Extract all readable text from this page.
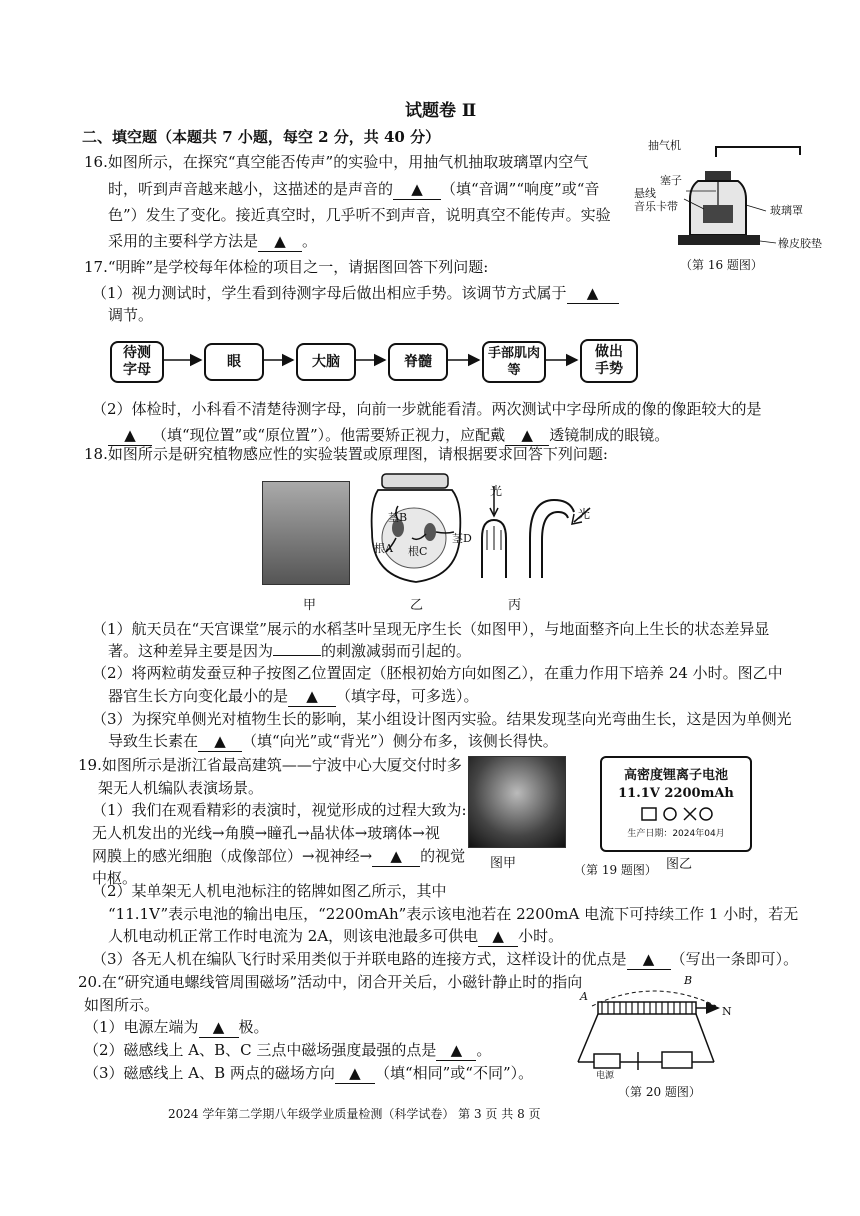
试题卷 Ⅱ
二、填空题（本题共 7 小题，每空 2 分，共 40 分）
16.如图所示，在探究“真空能否传声”的实验中，用抽气机抽取玻璃罩内空气
时，听到声音越来越小，这描述的是声音的 ▲ （填“音调”“响度”或“音
色”）发生了变化。接近真空时，几乎听不到声音，说明真空不能传声。实验
采用的主要科学方法是 ▲ 。
抽气机
悬线
塞子
玻璃罩
音乐卡带
橡皮胶垫
（第 16 题图）
17.“明眸”是学校每年体检的项目之一，请据图回答下列问题:
（1）视力测试时，学生看到待测字母后做出相应手势。该调节方式属于 ▲
调节。
待测
字母
眼	大脑	脊髓	手部肌肉
等
做出
手势
（2）体检时，小科看不清楚待测字母，向前一步就能看清。两次测试中字母所成的像的像距较大的是
▲ （填“现位置”或“原位置”）。他需要矫正视力，应配戴 ▲ 透镜制成的眼镜。
18.如图所示是研究植物感应性的实验装置或原理图，请根据要求回答下列问题:
茎B
根A 根C
茎D
光
光
甲	乙	丙
（1）航天员在“天宫课堂”展示的水稻茎叶呈现无序生长（如图甲），与地面整齐向上生长的状态差异显
著。这种差异主要是因为	的刺激减弱而引起的。
（2）将两粒萌发蚕豆种子按图乙位置固定（胚根初始方向如图乙），在重力作用下培养 24 小时。图乙中
器官生长方向变化最小的是 ▲ （填字母，可多选）。
（3）为探究单侧光对植物生长的影响，某小组设计图丙实验。结果发现茎向光弯曲生长，这是因为单侧光
导致生长素在 ▲ （填“向光”或“背光”）侧分布多，该侧长得快。
19.如图所示是浙江省最高建筑——宁波中心大厦交付时多
架无人机编队表演场景。
（1）我们在观看精彩的表演时，视觉形成的过程大致为:
无人机发出的光线→角膜→瞳孔→晶状体→玻璃体→视
网膜上的感光细胞（成像部位）→视神经→ ▲ 的视觉
中枢。
图甲
高密度锂离子电池
11.1V 2200mAh
生产日期：2024年04月
图乙
（第 19 题图）
（2）某单架无人机电池标注的铭牌如图乙所示，其中
“11.1V”表示电池的输出电压，“2200mAh”表示该电池若在 2200mA 电流下可持续工作 1 小时，若无
人机电动机正常工作时电流为 2A，则该电池最多可供电 ▲ 小时。
（3）各无人机在编队飞行时采用类似于并联电路的连接方式，这样设计的优点是 ▲ （写出一条即可）。
20.在“研究通电螺线管周围磁场”活动中，闭合开关后，小磁针静止时的指向
如图所示。
（1）电源左端为 ▲ 极。
（2）磁感线上 A、B、C 三点中磁场强度最强的点是 ▲ 。
（3）磁感线上 A、B 两点的磁场方向 ▲ （填“相同”或“不同”）。
A
B
N
电源
（第 20 题图）
2024 学年第二学期八年级学业质量检测（科学试卷） 第 3 页 共 8 页
